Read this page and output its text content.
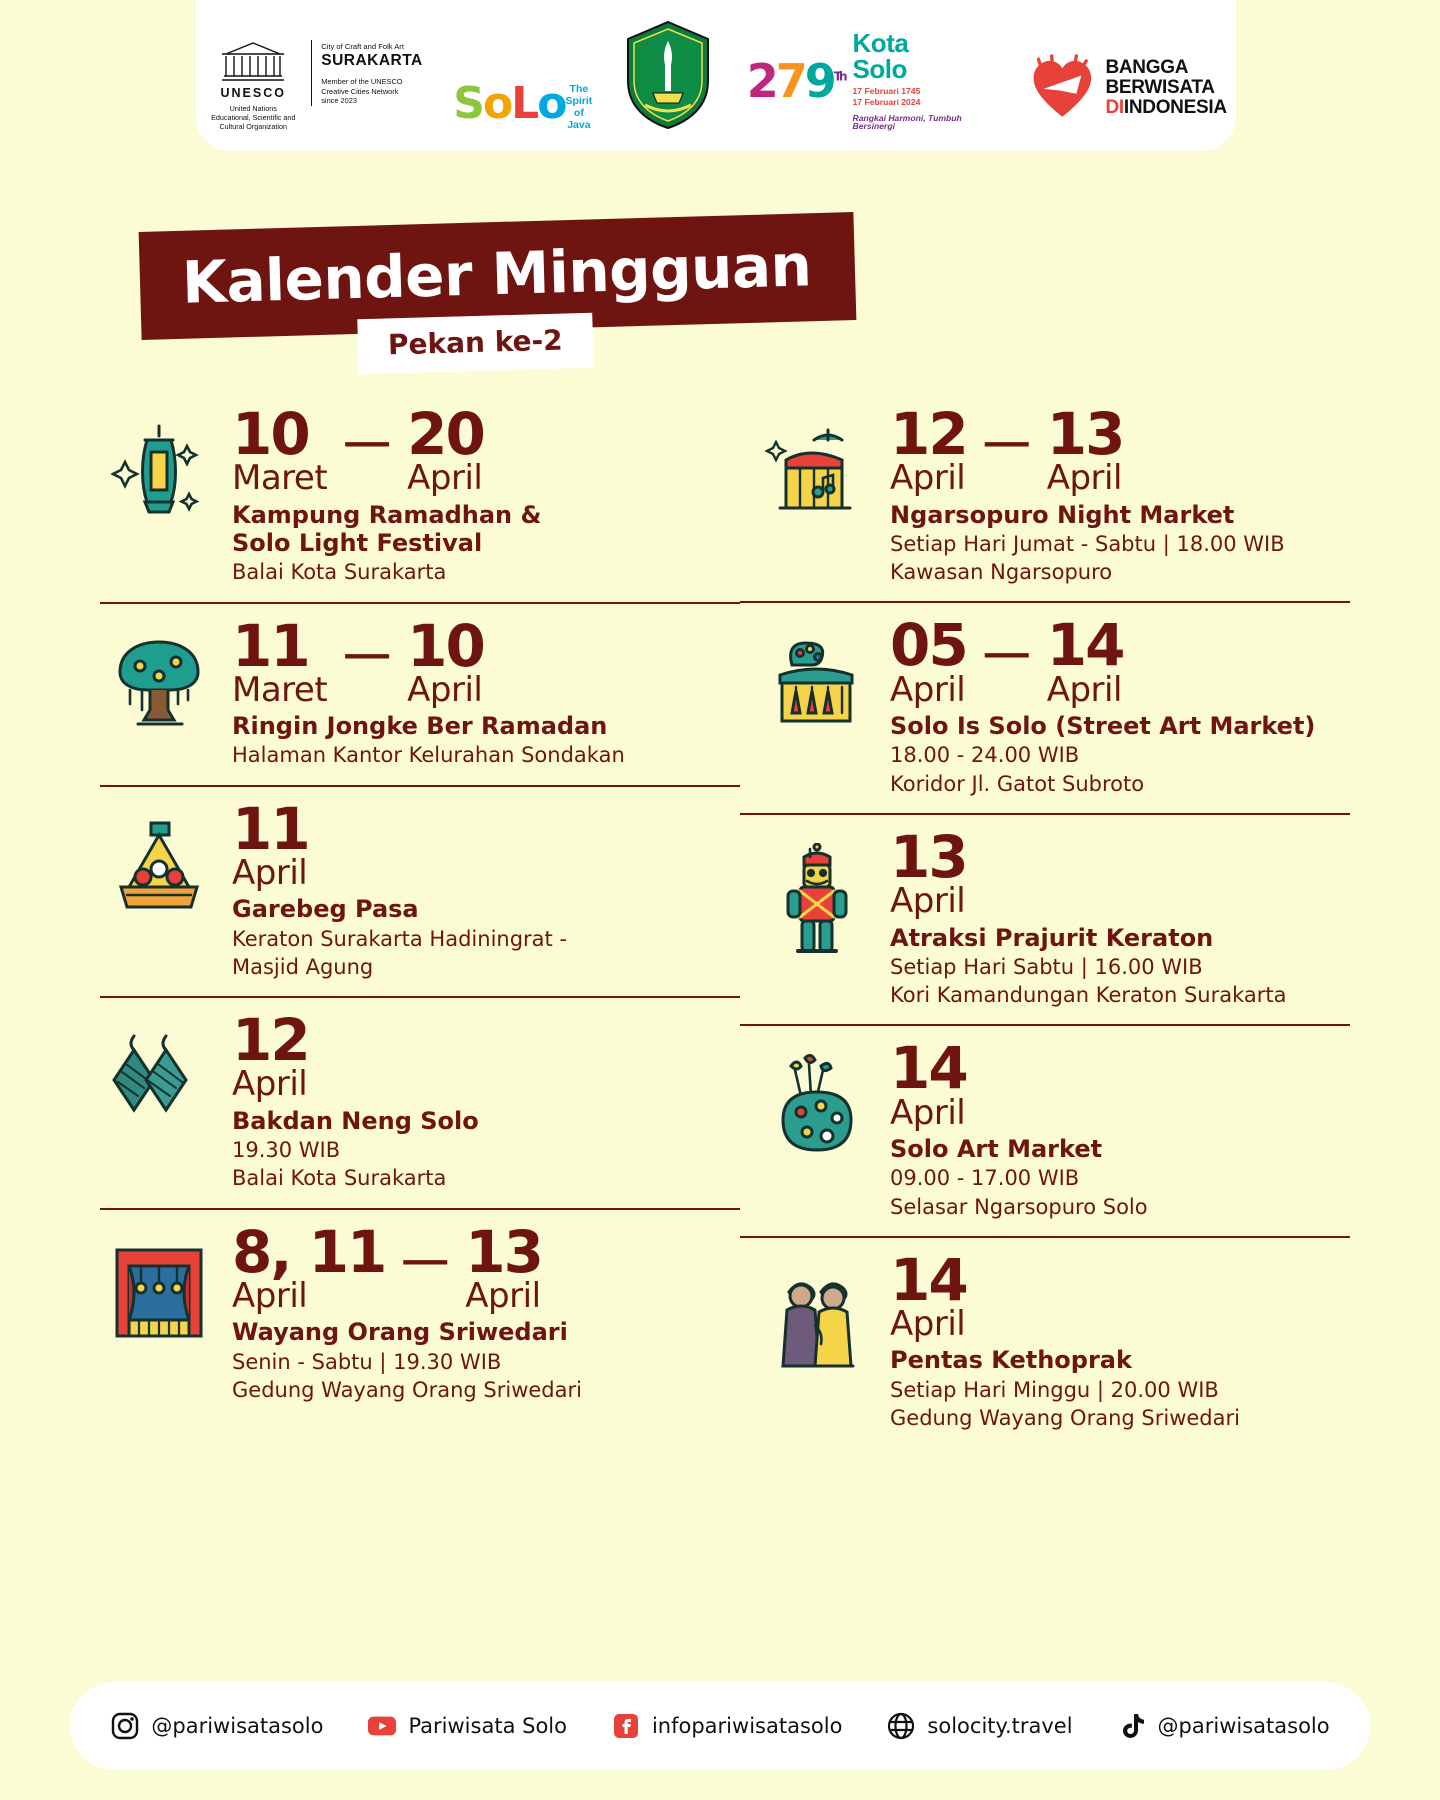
UNESCO
United Nations
Educational, Scientific and
Cultural Organization
City of Craft and Folk Art
SURAKARTA
Member of the UNESCO
Creative Cities Network
since 2023	SoLo The Spirit of Java
279Th
Kota
Solo
17 Februari 1745
17 Februari 2024
Rangkai Harmoni, Tumbuh Bersinergi
BANGGA
BERWISATA
DIINDONESIA
Kalender Mingguan
Pekan ke-2
10
Maret
— 20
April
Kampung Ramadhan &
Solo Light Festival
Balai Kota Surakarta
11
Maret
— 10
April
Ringin Jongke Ber Ramadan
Halaman Kantor Kelurahan Sondakan
11
April
Garebeg Pasa
Keraton Surakarta Hadiningrat -
Masjid Agung
12
April
Bakdan Neng Solo
19.30 WIB
Balai Kota Surakarta
8, 11
April
— 13
April
Wayang Orang Sriwedari
Senin - Sabtu | 19.30 WIB
Gedung Wayang Orang Sriwedari
12
April
— 13
April
Ngarsopuro Night Market
Setiap Hari Jumat - Sabtu | 18.00 WIB
Kawasan Ngarsopuro
05
April
— 14
April
Solo Is Solo (Street Art Market)
18.00 - 24.00 WIB
Koridor Jl. Gatot Subroto
13
April
Atraksi Prajurit Keraton
Setiap Hari Sabtu | 16.00 WIB
Kori Kamandungan Keraton Surakarta
14
April
Solo Art Market
09.00 - 17.00 WIB
Selasar Ngarsopuro Solo
14
April
Pentas Kethoprak
Setiap Hari Minggu | 20.00 WIB
Gedung Wayang Orang Sriwedari
@pariwisatasolo	Pariwisata Solo	infopariwisatasolo	solocity.travel	@pariwisatasolo
